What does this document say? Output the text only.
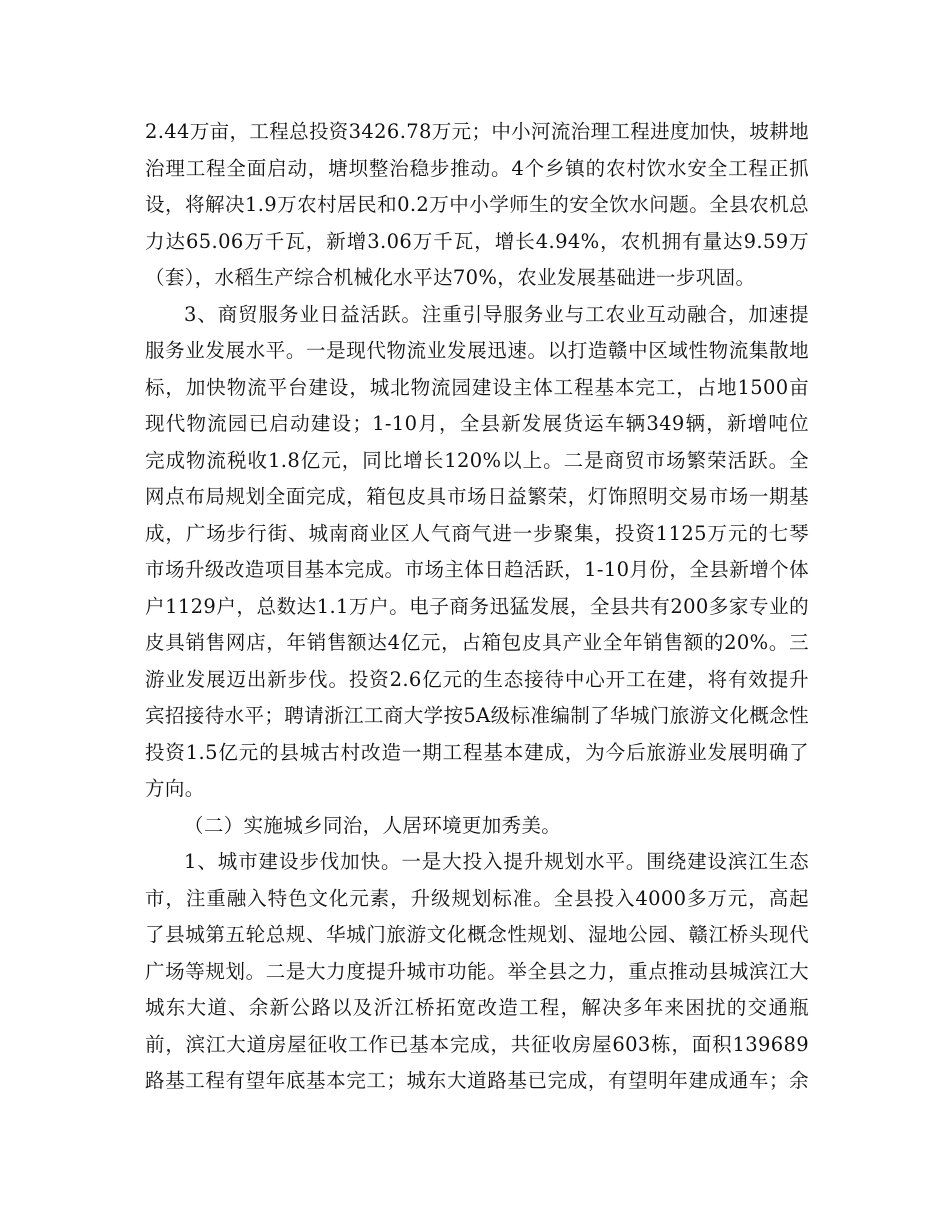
2.44万亩，工程总投资3426.78万元；中小河流治理工程进度加快，坡耕地
治理工程全面启动，塘坝整治稳步推动。4个乡镇的农村饮水安全工程正抓
设，将解决1.9万农村居民和0.2万中小学师生的安全饮水问题。全县农机总
力达65.06万千瓦，新增3.06万千瓦，增长4.94%，农机拥有量达9.59万
（套），水稻生产综合机械化水平达70%，农业发展基础进一步巩固。
3、商贸服务业日益活跃。注重引导服务业与工农业互动融合，加速提
服务业发展水平。一是现代物流业发展迅速。以打造赣中区域性物流集散地
标，加快物流平台建设，城北物流园建设主体工程基本完工，占地1500亩
现代物流园已启动建设；1-10月，全县新发展货运车辆349辆，新增吨位
完成物流税收1.8亿元，同比增长120%以上。二是商贸市场繁荣活跃。全
网点布局规划全面完成，箱包皮具市场日益繁荣，灯饰照明交易市场一期基
成，广场步行街、城南商业区人气商气进一步聚集，投资1125万元的七琴
市场升级改造项目基本完成。市场主体日趋活跃，1-10月份，全县新增个体
户1129户，总数达1.1万户。电子商务迅猛发展，全县共有200多家专业的
皮具销售网店，年销售额达4亿元，占箱包皮具产业全年销售额的20%。三
游业发展迈出新步伐。投资2.6亿元的生态接待中心开工在建，将有效提升
宾招接待水平；聘请浙江工商大学按5A级标准编制了华城门旅游文化概念性
投资1.5亿元的县城古村改造一期工程基本建成，为今后旅游业发展明确了
方向。
（二）实施城乡同治，人居环境更加秀美。
1、城市建设步伐加快。一是大投入提升规划水平。围绕建设滨江生态
市，注重融入特色文化元素，升级规划标准。全县投入4000多万元，高起
了县城第五轮总规、华城门旅游文化概念性规划、湿地公园、赣江桥头现代
广场等规划。二是大力度提升城市功能。举全县之力，重点推动县城滨江大
城东大道、余新公路以及沂江桥拓宽改造工程，解决多年来困扰的交通瓶
前，滨江大道房屋征收工作已基本完成，共征收房屋603栋，面积139689
路基工程有望年底基本完工；城东大道路基已完成，有望明年建成通车；余
